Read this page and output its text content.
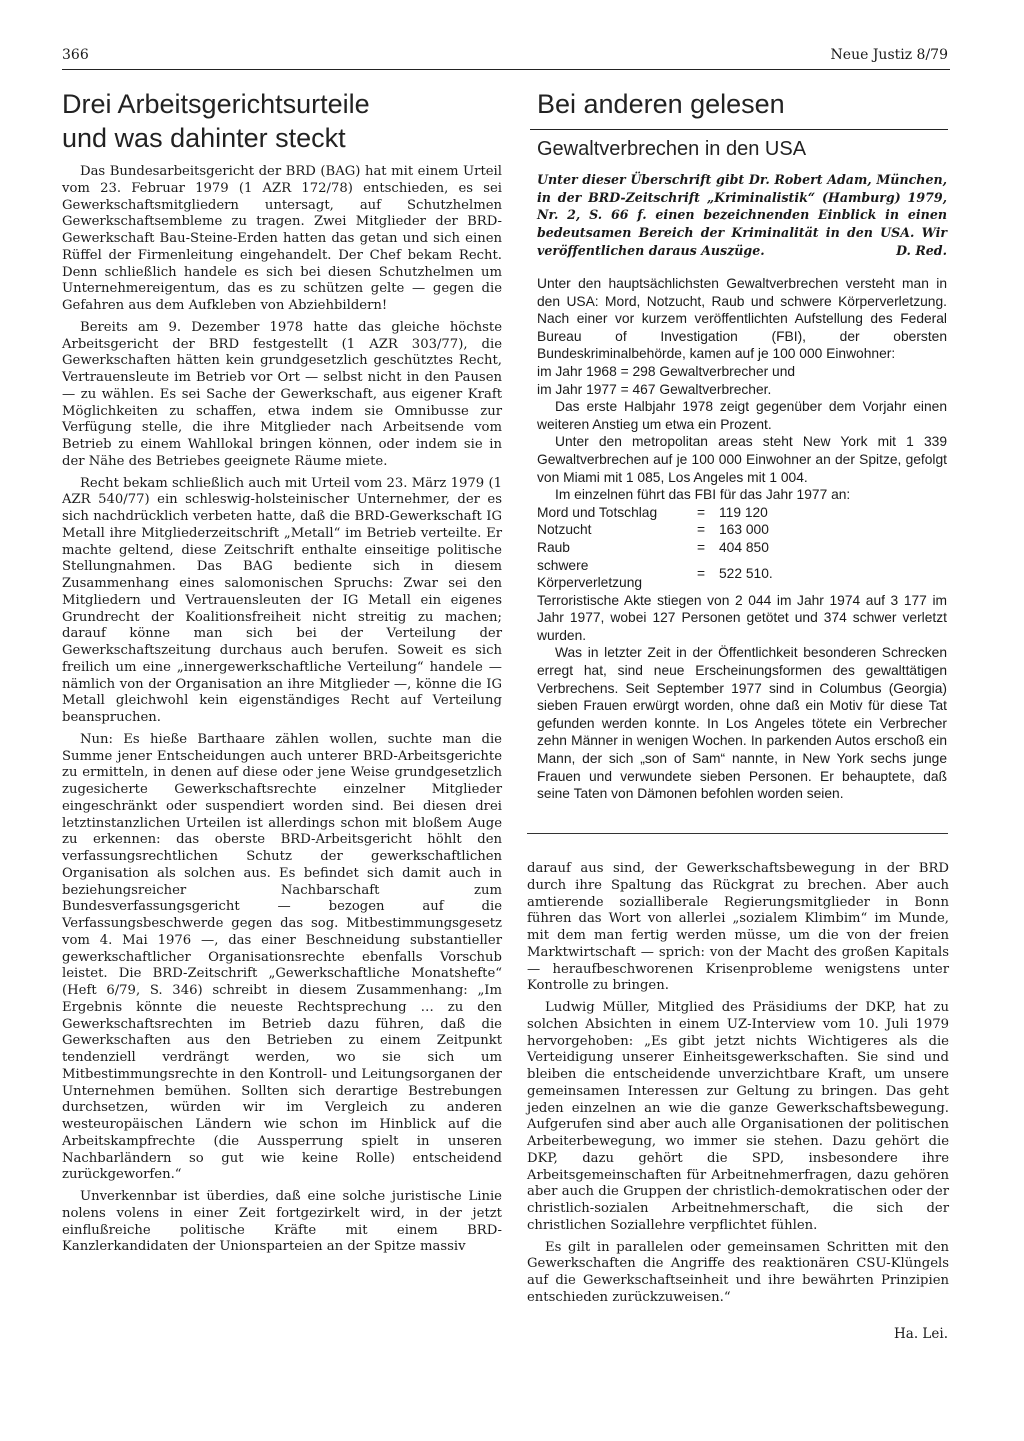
366	Neue Justiz 8/79
Drei Arbeitsgerichtsurteile
und was dahinter steckt

Das Bundesarbeitsgericht der BRD (BAG) hat mit einem Urteil vom 23. Februar 1979 (1 AZR 172/78) entschieden, es sei Gewerkschaftsmitgliedern untersagt, auf Schutzhelmen Gewerkschaftsembleme zu tragen. Zwei Mitglieder der BRD-Gewerkschaft Bau-Steine-Erden hatten das getan und sich einen Rüffel der Firmenleitung eingehandelt. Der Chef bekam Recht. Denn schließlich handele es sich bei diesen Schutzhelmen um Unternehmereigentum, das es zu schützen gelte — gegen die Gefahren aus dem Aufkleben von Abziehbildern!

Bereits am 9. Dezember 1978 hatte das gleiche höchste Arbeitsgericht der BRD festgestellt (1 AZR 303/77), die Gewerkschaften hätten kein grundgesetzlich geschütztes Recht, Vertrauensleute im Betrieb vor Ort — selbst nicht in den Pausen — zu wählen. Es sei Sache der Gewerkschaft, aus eigener Kraft Möglichkeiten zu schaffen, etwa indem sie Omnibusse zur Verfügung stelle, die ihre Mitglieder nach Arbeitsende vom Betrieb zu einem Wahllokal bringen können, oder indem sie in der Nähe des Betriebes geeignete Räume miete.

Recht bekam schließlich auch mit Urteil vom 23. März 1979 (1 AZR 540/77) ein schleswig-holsteinischer Unternehmer, der es sich nachdrücklich verbeten hatte, daß die BRD-Gewerkschaft IG Metall ihre Mitgliederzeitschrift „Metall“ im Betrieb verteilte. Er machte geltend, diese Zeitschrift enthalte einseitige politische Stellungnahmen. Das BAG bediente sich in diesem Zusammenhang eines salomonischen Spruchs: Zwar sei den Mitgliedern und Vertrauensleuten der IG Metall ein eigenes Grundrecht der Koalitionsfreiheit nicht streitig zu machen; darauf könne man sich bei der Verteilung der Gewerkschaftszeitung durchaus auch berufen. Soweit es sich freilich um eine „innergewerkschaftliche Verteilung“ handele — nämlich von der Organisation an ihre Mitglieder —, könne die IG Metall gleichwohl kein eigenständiges Recht auf Verteilung beanspruchen.

Nun: Es hieße Barthaare zählen wollen, suchte man die Summe jener Entscheidungen auch unterer BRD-Arbeitsgerichte zu ermitteln, in denen auf diese oder jene Weise grundgesetzlich zugesicherte Gewerkschaftsrechte einzelner Mitglieder eingeschränkt oder suspendiert worden sind. Bei diesen drei letztinstanzlichen Urteilen ist allerdings schon mit bloßem Auge zu erkennen: das oberste BRD-Arbeitsgericht höhlt den verfassungsrechtlichen Schutz der gewerkschaftlichen Organisation als solchen aus. Es befindet sich damit auch in beziehungsreicher Nachbarschaft zum Bundesverfassungsgericht — bezogen auf die Verfassungsbeschwerde gegen das sog. Mitbestimmungsgesetz vom 4. Mai 1976 —, das einer Beschneidung substantieller gewerkschaftlicher Organisationsrechte ebenfalls Vorschub leistet. Die BRD-Zeitschrift „Gewerkschaftliche Monatshefte“ (Heft 6/79, S. 346) schreibt in diesem Zusammenhang: „Im Ergebnis könnte die neueste Rechtsprechung … zu den Gewerkschaftsrechten im Betrieb dazu führen, daß die Gewerkschaften aus den Betrieben zu einem Zeitpunkt tendenziell verdrängt werden, wo sie sich um Mitbestimmungsrechte in den Kontroll- und Leitungsorganen der Unternehmen bemühen. Sollten sich derartige Bestrebungen durchsetzen, würden wir im Vergleich zu anderen westeuropäischen Ländern wie schon im Hinblick auf die Arbeitskampfrechte (die Aussperrung spielt in unseren Nachbarländern so gut wie keine Rolle) entscheidend zurückgeworfen.“

Unverkennbar ist überdies, daß eine solche juristische Linie nolens volens in einer Zeit fortgezirkelt wird, in der jetzt einflußreiche politische Kräfte mit einem BRD-Kanzlerkandidaten der Unionsparteien an der Spitze massiv

Bei anderen gelesen
Gewaltverbrechen in den USA
Unter dieser Überschrift gibt Dr. Robert Adam, München, in der BRD-Zeitschrift „Kriminalistik“ (Hamburg) 1979, Nr. 2, S. 66 f. einen bezeichnenden Einblick in einen bedeutsamen Bereich der Kriminalität in den USA. Wir veröffentlichen daraus Auszüge.	D. Red.

Unter den hauptsächlichsten Gewaltverbrechen versteht man in den USA: Mord, Notzucht, Raub und schwere Körperverletzung. Nach einer vor kurzem veröffentlichten Aufstellung des Federal Bureau of Investigation (FBI), der obersten Bundeskriminalbehörde, kamen auf je 100 000 Einwohner:

im Jahr 1968 = 298 Gewaltverbrecher und

im Jahr 1977 = 467 Gewaltverbrecher.

Das erste Halbjahr 1978 zeigt gegenüber dem Vorjahr einen weiteren Anstieg um etwa ein Prozent.

Unter den metropolitan areas steht New York mit 1 339 Gewaltverbrechen auf je 100 000 Einwohner an der Spitze, gefolgt von Miami mit 1 085, Los Angeles mit 1 004.

Im einzelnen führt das FBI für das Jahr 1977 an:

Mord und Totschlag	=	119 120
Notzucht	=	163 000
Raub	=	404 850
schwere Körperverletzung	=	522 510.

Terroristische Akte stiegen von 2 044 im Jahr 1974 auf 3 177 im Jahr 1977, wobei 127 Personen getötet und 374 schwer verletzt wurden.

Was in letzter Zeit in der Öffentlichkeit besonderen Schrecken erregt hat, sind neue Erscheinungsformen des gewalttätigen Verbrechens. Seit September 1977 sind in Columbus (Georgia) sieben Frauen erwürgt worden, ohne daß ein Motiv für diese Tat gefunden werden konnte. In Los Angeles tötete ein Verbrecher zehn Männer in wenigen Wochen. In parkenden Autos erschoß ein Mann, der sich „son of Sam“ nannte, in New York sechs junge Frauen und verwundete sieben Personen. Er behauptete, daß seine Taten von Dämonen befohlen worden seien.

darauf aus sind, der Gewerkschaftsbewegung in der BRD durch ihre Spaltung das Rückgrat zu brechen. Aber auch amtierende sozialliberale Regierungsmitglieder in Bonn führen das Wort von allerlei „sozialem Klimbim“ im Munde, mit dem man fertig werden müsse, um die von der freien Marktwirtschaft — sprich: von der Macht des großen Kapitals — heraufbeschworenen Krisenprobleme wenigstens unter Kontrolle zu bringen.

Ludwig Müller, Mitglied des Präsidiums der DKP, hat zu solchen Absichten in einem UZ-Interview vom 10. Juli 1979 hervorgehoben: „Es gibt jetzt nichts Wichtigeres als die Verteidigung unserer Einheitsgewerkschaften. Sie sind und bleiben die entscheidende unverzichtbare Kraft, um unsere gemeinsamen Interessen zur Geltung zu bringen. Das geht jeden einzelnen an wie die ganze Gewerkschaftsbewegung. Aufgerufen sind aber auch alle Organisationen der politischen Arbeiterbewegung, wo immer sie stehen. Dazu gehört die DKP, dazu gehört die SPD, insbesondere ihre Arbeitsgemeinschaften für Arbeitnehmerfragen, dazu gehören aber auch die Gruppen der christlich-demokratischen oder der christlich-sozialen Arbeitnehmerschaft, die sich der christlichen Soziallehre verpflichtet fühlen.

Es gilt in parallelen oder gemeinsamen Schritten mit den Gewerkschaften die Angriffe des reaktionären CSU-Klüngels auf die Gewerkschaftseinheit und ihre bewährten Prinzipien entschieden zurückzuweisen.“

Ha. Lei.
